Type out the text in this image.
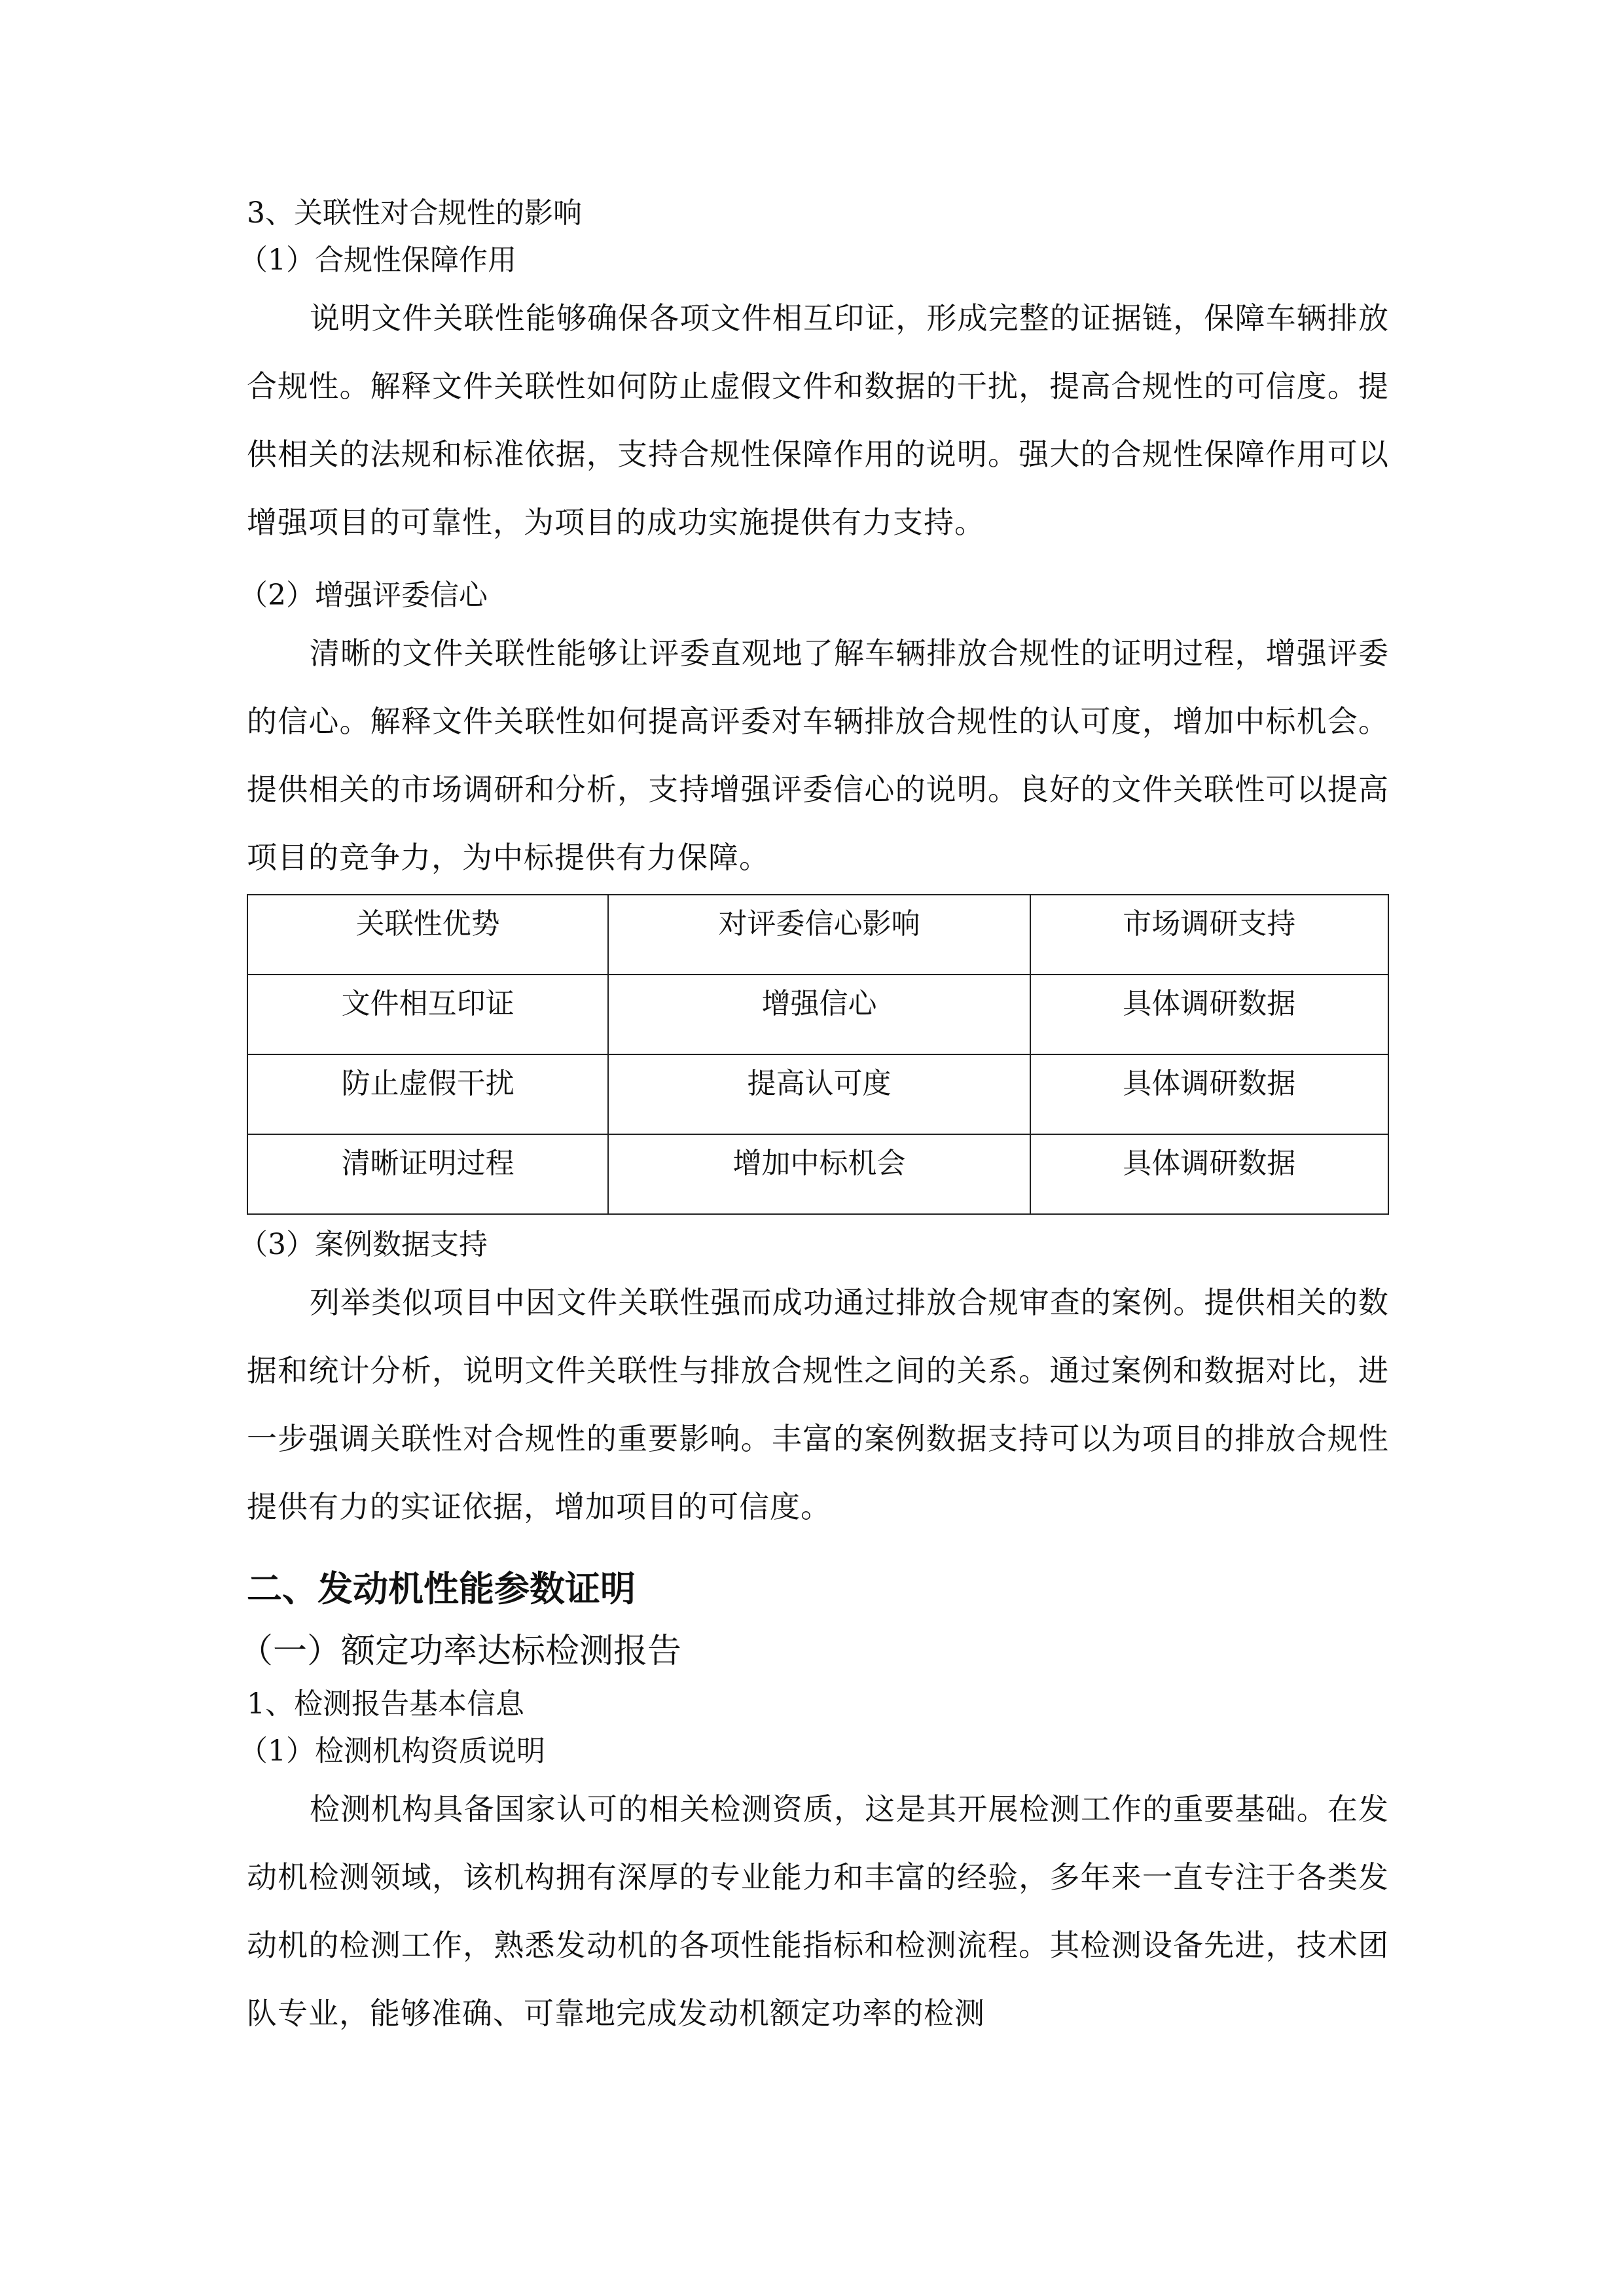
3、关联性对合规性的影响
（1）合规性保障作用

说明文件关联性能够确保各项文件相互印证，形成完整的证据链，保障车辆排放合规性。解释文件关联性如何防止虚假文件和数据的干扰，提高合规性的可信度。提供相关的法规和标准依据，支持合规性保障作用的说明。强大的合规性保障作用可以增强项目的可靠性，为项目的成功实施提供有力支持。

（2）增强评委信心

清晰的文件关联性能够让评委直观地了解车辆排放合规性的证明过程，增强评委的信心。解释文件关联性如何提高评委对车辆排放合规性的认可度，增加中标机会。提供相关的市场调研和分析，支持增强评委信心的说明。良好的文件关联性可以提高项目的竞争力，为中标提供有力保障。

关联性优势	对评委信心影响	市场调研支持
文件相互印证	增强信心	具体调研数据
防止虚假干扰	提高认可度	具体调研数据
清晰证明过程	增加中标机会	具体调研数据
（3）案例数据支持

列举类似项目中因文件关联性强而成功通过排放合规审查的案例。提供相关的数据和统计分析，说明文件关联性与排放合规性之间的关系。通过案例和数据对比，进一步强调关联性对合规性的重要影响。丰富的案例数据支持可以为项目的排放合规性提供有力的实证依据，增加项目的可信度。

二、发动机性能参数证明
（一）额定功率达标检测报告
1、检测报告基本信息
（1）检测机构资质说明

检测机构具备国家认可的相关检测资质，这是其开展检测工作的重要基础。在发动机检测领域，该机构拥有深厚的专业能力和丰富的经验，多年来一直专注于各类发动机的检测工作，熟悉发动机的各项性能指标和检测流程。其检测设备先进，技术团队专业，能够准确、可靠地完成发动机额定功率的检测
